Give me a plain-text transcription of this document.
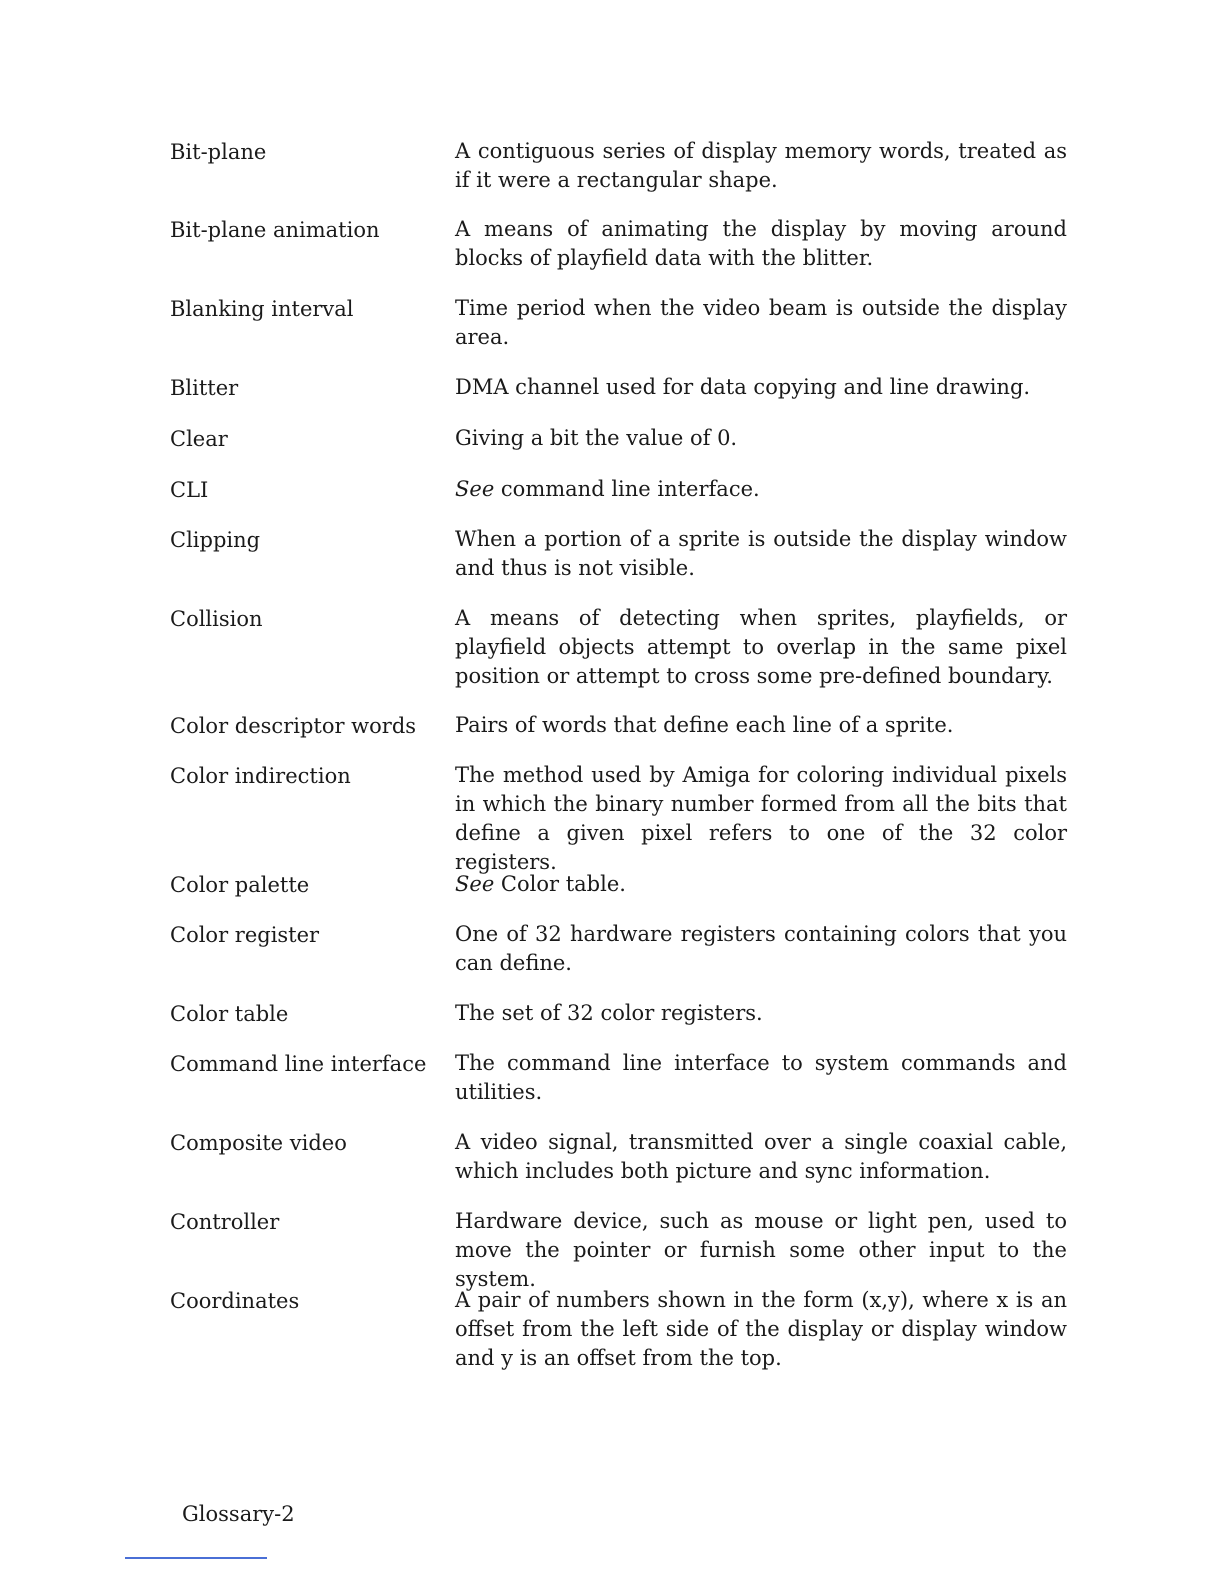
Bit-plane	A contiguous series of display memory words, treated as if it were a rectangular shape.
Bit-plane animation	A means of animating the display by moving around blocks of playfield data with the blitter.
Blanking interval	Time period when the video beam is outside the display area.
Blitter	DMA channel used for data copying and line drawing.
Clear	Giving a bit the value of 0.
CLI	See command line interface.
Clipping	When a portion of a sprite is outside the display window and thus is not visible.
Collision	A means of detecting when sprites, playfields, or playfield objects attempt to overlap in the same pixel position or attempt to cross some pre-defined boundary.
Color descriptor words	Pairs of words that define each line of a sprite.
Color indirection	The method used by Amiga for coloring individual pixels in which the binary number formed from all the bits that define a given pixel refers to one of the 32 color registers.
Color palette	See Color table.
Color register	One of 32 hardware registers containing colors that you can define.
Color table	The set of 32 color registers.
Command line interface	The command line interface to system commands and utilities.
Composite video	A video signal, transmitted over a single coaxial cable, which includes both picture and sync information.
Controller	Hardware device, such as mouse or light pen, used to move the pointer or furnish some other input to the system.
Coordinates	A pair of numbers shown in the form (x,y), where x is an offset from the left side of the display or display window and y is an offset from the top.
Glossary-2
